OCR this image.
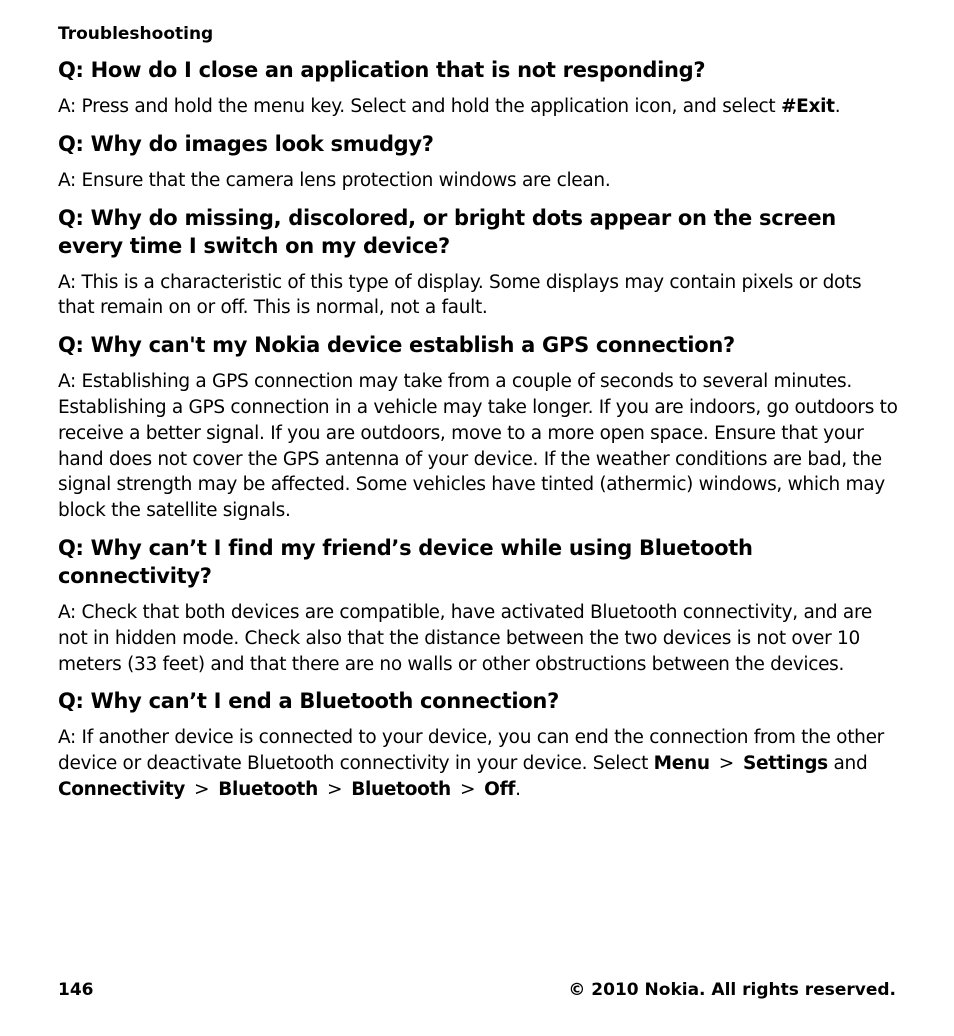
Troubleshooting
Q: How do I close an application that is not responding?
A: Press and hold the menu key. Select and hold the application icon, and select #Exit.
Q: Why do images look smudgy?
A: Ensure that the camera lens protection windows are clean.
Q: Why do missing, discolored, or bright dots appear on the screen every time I switch on my device?
A: This is a characteristic of this type of display. Some displays may contain pixels or dots that remain on or off. This is normal, not a fault.
Q: Why can't my Nokia device establish a GPS connection?
A: Establishing a GPS connection may take from a couple of seconds to several minutes. Establishing a GPS connection in a vehicle may take longer. If you are indoors, go outdoors to receive a better signal. If you are outdoors, move to a more open space. Ensure that your hand does not cover the GPS antenna of your device. If the weather conditions are bad, the signal strength may be affected. Some vehicles have tinted (athermic) windows, which may block the satellite signals.
Q: Why can’t I find my friend’s device while using Bluetooth connectivity?
A: Check that both devices are compatible, have activated Bluetooth connectivity, and are not in hidden mode. Check also that the distance between the two devices is not over 10 meters (33 feet) and that there are no walls or other obstructions between the devices.
Q: Why can’t I end a Bluetooth connection?
A: If another device is connected to your device, you can end the connection from the other device or deactivate Bluetooth connectivity in your device. Select Menu > Settings and Connectivity > Bluetooth > Bluetooth > Off.
146	© 2010 Nokia. All rights reserved.
